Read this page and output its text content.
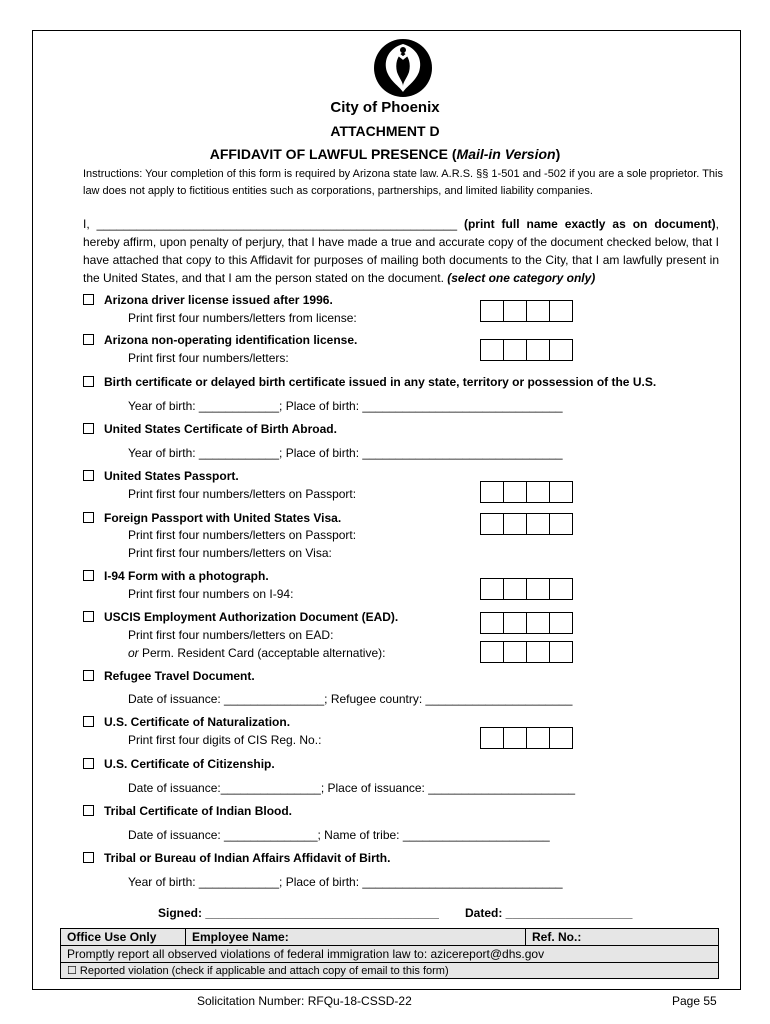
City of Phoenix
ATTACHMENT D
AFFIDAVIT OF LAWFUL PRESENCE (Mail-in Version)
Instructions: Your completion of this form is required by Arizona state law. A.R.S. §§ 1-501 and -502 if you are a sole proprietor. This law does not apply to fictitious entities such as corporations, partnerships, and limited liability companies.
I, ______________________________________________________ (print full name exactly as on document), hereby affirm, upon penalty of perjury, that I have made a true and accurate copy of the document checked below, that I have attached that copy to this Affidavit for purposes of mailing both documents to the City, that I am lawfully present in the United States, and that I am the person stated on the document. (select one category only)
Arizona driver license issued after 1996.
Print first four numbers/letters from license:
Arizona non-operating identification license.
Print first four numbers/letters:
Birth certificate or delayed birth certificate issued in any state, territory or possession of the U.S.
Year of birth: ____________; Place of birth: ______________________________
United States Certificate of Birth Abroad.
Year of birth: ____________; Place of birth: ______________________________
United States Passport.
Print first four numbers/letters on Passport:
Foreign Passport with United States Visa.
Print first four numbers/letters on Passport:
Print first four numbers/letters on Visa:
I-94 Form with a photograph.
Print first four numbers on I-94:
USCIS Employment Authorization Document (EAD).
Print first four numbers/letters on EAD:
or Perm. Resident Card (acceptable alternative):
Refugee Travel Document.
Date of issuance: _______________; Refugee country: ______________________
U.S. Certificate of Naturalization.
Print first four digits of CIS Reg. No.:
U.S. Certificate of Citizenship.
Date of issuance:_______________; Place of issuance: ______________________
Tribal Certificate of Indian Blood.
Date of issuance: ______________; Name of tribe: ______________________
Tribal or Bureau of Indian Affairs Affidavit of Birth.
Year of birth: ____________; Place of birth: ______________________________
Signed: ___________________________________ Dated: ___________________
Office Use Only	Employee Name:	Ref. No.:
Promptly report all observed violations of federal immigration law to: azicereport@dhs.gov
☐ Reported violation (check if applicable and attach copy of email to this form)
Solicitation Number: RFQu-18-CSSD-22	Page 55
